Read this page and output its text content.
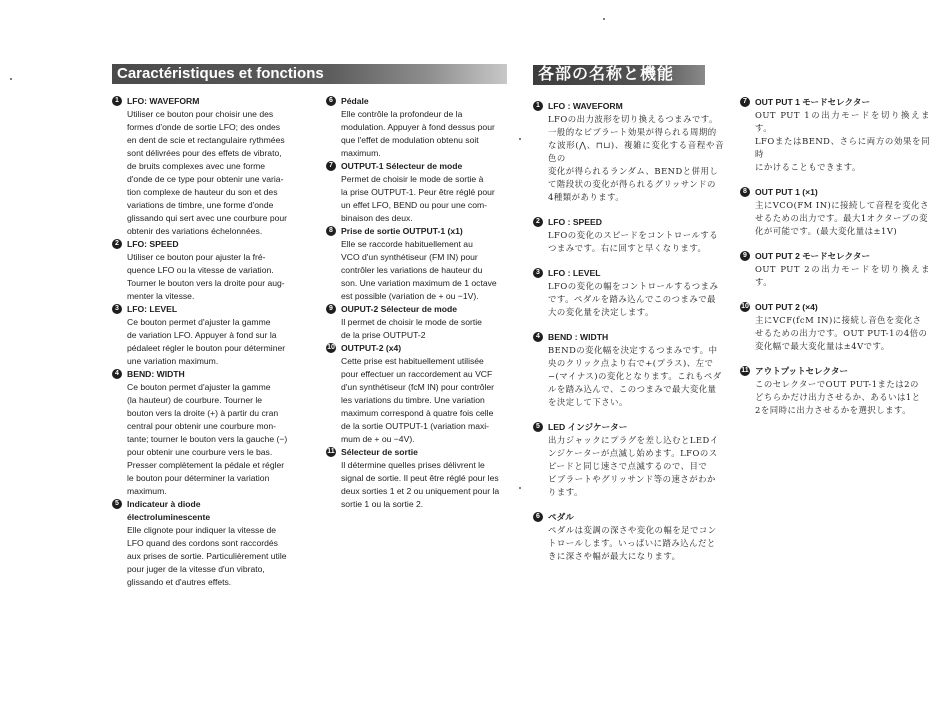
Caractéristiques et fonctions	各部の名称と機能
1 LFO: WAVEFORM
Utiliser ce bouton pour choisir une des
formes d'onde de sortie LFO; des ondes
en dent de scie et rectangulaire rythmées
sont délivrées pour des effets de vibrato,
de bruits complexes avec une forme
d'onde de ce type pour obtenir une varia-
tion complexe de hauteur du son et des
variations de timbre, une forme d'onde
glissando qui sert avec une courbure pour
obtenir des variations échelonnées.
2 LFO: SPEED
Utiliser ce bouton pour ajuster la fré-
quence LFO ou la vitesse de variation.
Tourner le bouton vers la droite pour aug-
menter la vitesse.
3 LFO: LEVEL
Ce bouton permet d'ajuster la gamme
de variation LFO. Appuyer à fond sur la
pédaleet régler le bouton pour déterminer
une variation maximum.
4 BEND: WIDTH
Ce bouton permet d'ajuster la gamme
(la hauteur) de courbure. Tourner le
bouton vers la droite (+) à partir du cran
central pour obtenir une courbure mon-
tante; tourner le bouton vers la gauche (−)
pour obtenir une courbure vers le bas.
Presser complètement la pédale et régler
le bouton pour déterminer la variation
maximum.
5 Indicateur à diode
électroluminescente
Elle clignote pour indiquer la vitesse de
LFO quand des cordons sont raccordés
aux prises de sortie. Particulièrement utile
pour juger de la vitesse d'un vibrato,
glissando et d'autres effets.
6 Pédale
Elle contrôle la profondeur de la
modulation. Appuyer à fond dessus pour
que l'effet de modulation obtenu soit
maximum.
7 OUTPUT-1 Sélecteur de mode
Permet de choisir le mode de sortie à
la prise OUTPUT-1. Peur être réglé pour
un effet LFO, BEND ou pour une com-
binaison des deux.
8 Prise de sortie OUTPUT-1 (x1)
Elle se raccorde habituellement au
VCO d'un synthétiseur (FM IN) pour
contrôler les variations de hauteur du
son. Une variation maximum de 1 octave
est possible (variation de + ou −1V).
9 OUPUT-2 Sélecteur de mode
Il permet de choisir le mode de sortie
de la prise OUTPUT-2
10 OUTPUT-2 (x4)
Cette prise est habituellement utilisée
pour effectuer un raccordement au VCF
d'un synthétiseur (fcM IN) pour contrôler
les variations du timbre. Une variation
maximum correspond à quatre fois celle
de la sortie OUTPUT-1 (variation maxi-
mum de + ou −4V).
11 Sélecteur de sortie
Il détermine quelles prises délivrent le
signal de sortie. Il peut être réglé pour les
deux sorties 1 et 2 ou uniquement pour la
sortie 1 ou la sortie 2.
1 LFO : WAVEFORM
LFOの出力波形を切り換えるつまみです。
一般的なビブラート効果が得られる周期的
な波形(⋀、⊓⊔)、複雑に変化する音程や音色の
変化が得られるランダム、BENDと併用し
て階段状の変化が得られるグリッサンドの
4種類があります。
2 LFO : SPEED
LFOの変化のスピードをコントロールする
つまみです。右に回すと早くなります。
3 LFO : LEVEL
LFOの変化の幅をコントロールするつまみ
です。ペダルを踏み込んでこのつまみで最
大の変化量を決定します。
4 BEND : WIDTH
BENDの変化幅を決定するつまみです。中
央のクリック点より右で+(プラス)、左で
−(マイナス)の変化となります。これもペダ
ルを踏み込んで、このつまみで最大変化量
を決定して下さい。
5 LED インジケーター
出力ジャックにプラグを差し込むとLEDイ
ンジケーターが点滅し始めます。LFOのス
ピードと同じ速さで点滅するので、目で
ビブラートやグリッサンド等の速さがわか
ります。
6 ペダル
ペダルは変調の深さや変化の幅を足でコン
トロールします。いっぱいに踏み込んだと
きに深さや幅が最大になります。
7 OUT PUT 1 モードセレクター
OUT PUT 1の出力モードを切り換えます。
LFOまたはBEND、さらに両方の効果を同時
にかけることもできます。
8 OUT PUT 1 (×1)
主にVCO(FM IN)に接続して音程を変化さ
せるための出力です。最大1オクターブの変
化が可能です。(最大変化量は±1V)
9 OUT PUT 2 モードセレクター
OUT PUT 2の出力モードを切り換えます。
10 OUT PUT 2 (×4)
主にVCF(fcM IN)に接続し音色を変化さ
せるための出力です。OUT PUT-1の4倍の
変化幅で最大変化量は±4Vです。
11 アウトプットセレクター
このセレクターでOUT PUT-1または2の
どちらかだけ出力させるか、あるいは1と
2を同時に出力させるかを選択します。
